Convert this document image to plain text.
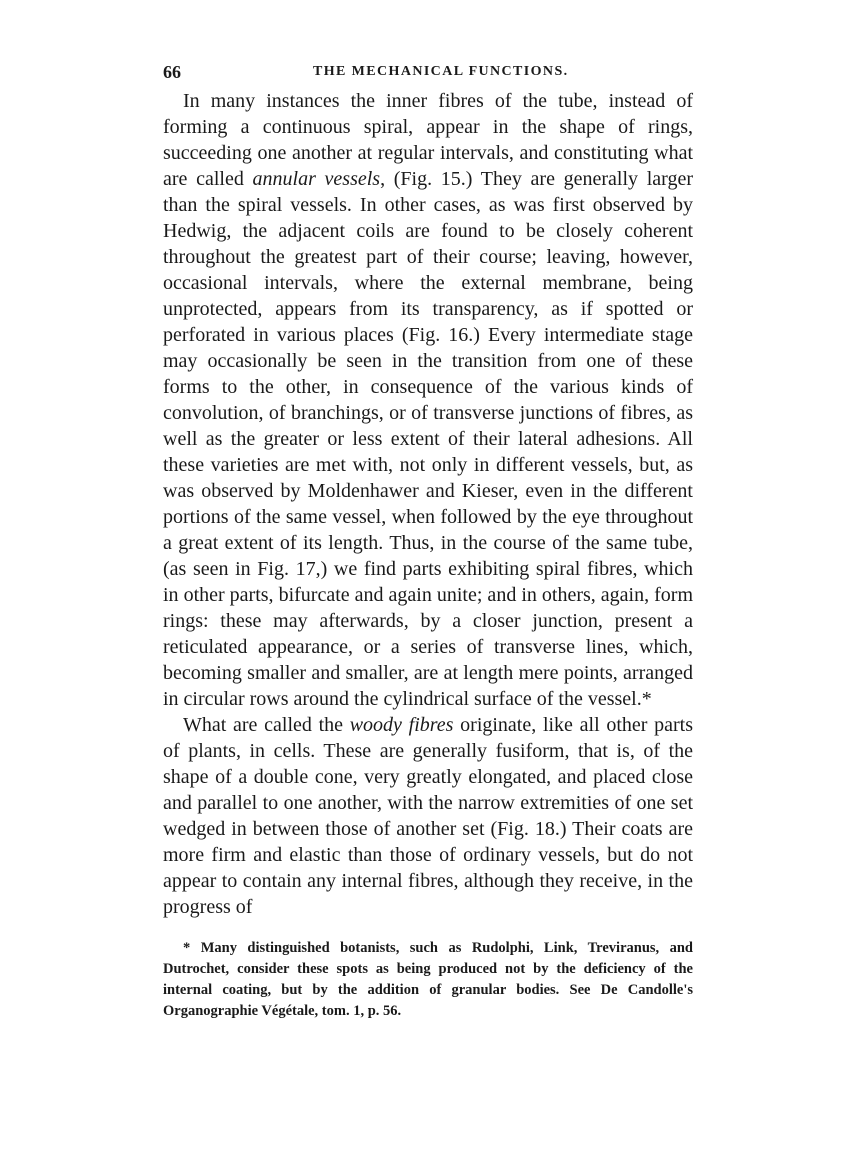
66	THE MECHANICAL FUNCTIONS.

In many instances the inner fibres of the tube, instead of forming a continuous spiral, appear in the shape of rings, succeeding one another at regular intervals, and constituting what are called annular vessels, (Fig. 15.) They are generally larger than the spiral vessels. In other cases, as was first observed by Hedwig, the adjacent coils are found to be closely coherent throughout the greatest part of their course; leaving, however, occasional intervals, where the external membrane, being unprotected, appears from its transparency, as if spotted or perforated in various places (Fig. 16.) Every intermediate stage may occasionally be seen in the transition from one of these forms to the other, in consequence of the various kinds of convolution, of branchings, or of transverse junctions of fibres, as well as the greater or less extent of their lateral adhesions. All these varieties are met with, not only in different vessels, but, as was observed by Moldenhawer and Kieser, even in the different portions of the same vessel, when followed by the eye throughout a great extent of its length. Thus, in the course of the same tube, (as seen in Fig. 17,) we find parts exhibiting spiral fibres, which in other parts, bifurcate and again unite; and in others, again, form rings: these may afterwards, by a closer junction, present a reticulated appearance, or a series of transverse lines, which, becoming smaller and smaller, are at length mere points, arranged in circular rows around the cylindrical surface of the vessel.*

What are called the woody fibres originate, like all other parts of plants, in cells. These are generally fusiform, that is, of the shape of a double cone, very greatly elongated, and placed close and parallel to one another, with the narrow extremities of one set wedged in between those of another set (Fig. 18.) Their coats are more firm and elastic than those of ordinary vessels, but do not appear to contain any internal fibres, although they receive, in the progress of

* Many distinguished botanists, such as Rudolphi, Link, Treviranus, and Dutrochet, consider these spots as being produced not by the deficiency of the internal coating, but by the addition of granular bodies. See De Candolle's Organographie Végétale, tom. 1, p. 56.
